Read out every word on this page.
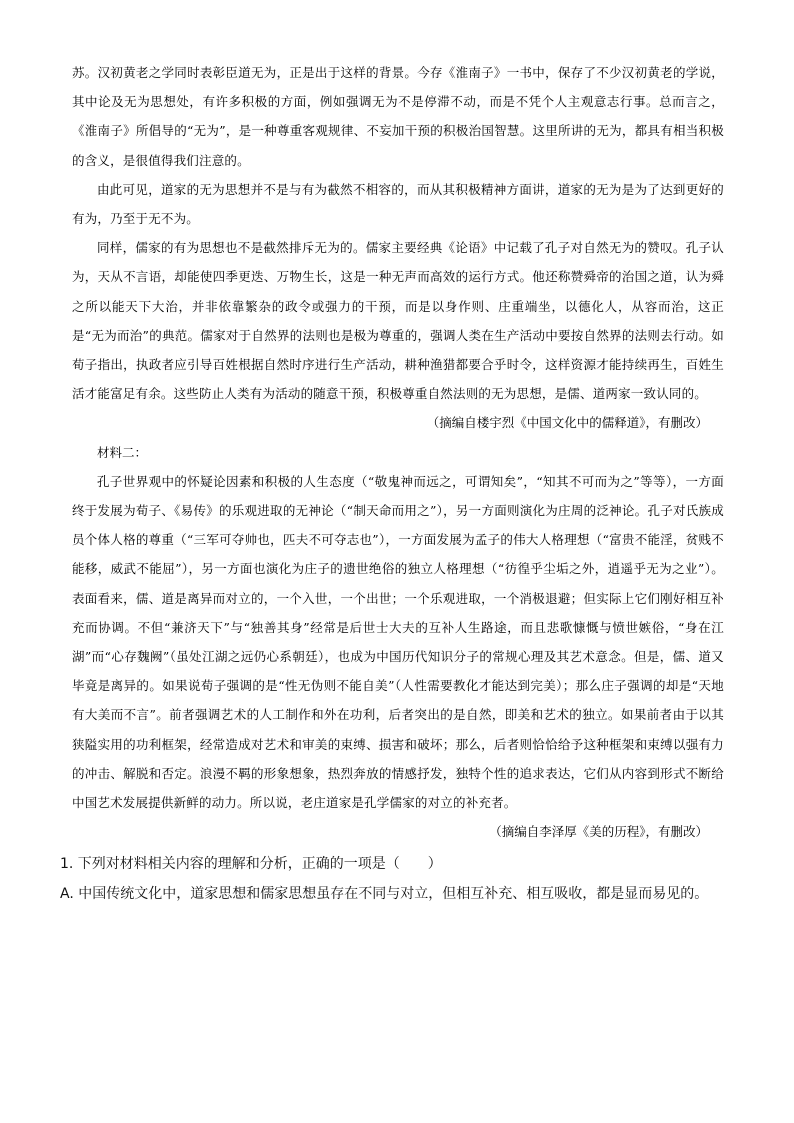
苏。汉初黄老之学同时表彰臣道无为，正是出于这样的背景。今存《淮南子》一书中，保存了不少汉初黄老的学说，其中论及无为思想处，有许多积极的方面，例如强调无为不是停滞不动，而是不凭个人主观意志行事。总而言之，《淮南子》所倡导的“无为”，是一种尊重客观规律、不妄加干预的积极治国智慧。这里所讲的无为，都具有相当积极的含义，是很值得我们注意的。

由此可见，道家的无为思想并不是与有为截然不相容的，而从其积极精神方面讲，道家的无为是为了达到更好的有为，乃至于无不为。

同样，儒家的有为思想也不是截然排斥无为的。儒家主要经典《论语》中记载了孔子对自然无为的赞叹。孔子认为，天从不言语，却能使四季更迭、万物生长，这是一种无声而高效的运行方式。他还称赞舜帝的治国之道，认为舜之所以能天下大治，并非依靠繁杂的政令或强力的干预，而是以身作则、庄重端坐，以德化人，从容而治，这正是“无为而治”的典范。儒家对于自然界的法则也是极为尊重的，强调人类在生产活动中要按自然界的法则去行动。如荀子指出，执政者应引导百姓根据自然时序进行生产活动，耕种渔猎都要合乎时令，这样资源才能持续再生，百姓生活才能富足有余。这些防止人类有为活动的随意干预，积极尊重自然法则的无为思想，是儒、道两家一致认同的。

（摘编自楼宇烈《中国文化中的儒释道》，有删改）

材料二：

孔子世界观中的怀疑论因素和积极的人生态度（“敬鬼神而远之，可谓知矣”，“知其不可而为之”等等），一方面终于发展为荀子、《易传》的乐观进取的无神论（“制天命而用之”），另一方面则演化为庄周的泛神论。孔子对氏族成员个体人格的尊重（“三军可夺帅也，匹夫不可夺志也”），一方面发展为孟子的伟大人格理想（“富贵不能淫，贫贱不能移，威武不能屈”），另一方面也演化为庄子的遗世绝俗的独立人格理想（“彷徨乎尘垢之外，逍遥乎无为之业”）。表面看来，儒、道是离异而对立的，一个入世，一个出世；一个乐观进取，一个消极退避；但实际上它们刚好相互补充而协调。不但“兼济天下”与“独善其身”经常是后世士大夫的互补人生路途，而且悲歌慷慨与愤世嫉俗，“身在江湖”而“心存魏阙”（虽处江湖之远仍心系朝廷），也成为中国历代知识分子的常规心理及其艺术意念。但是，儒、道又毕竟是离异的。如果说荀子强调的是“性无伪则不能自美”（人性需要教化才能达到完美）；那么庄子强调的却是“天地有大美而不言”。前者强调艺术的人工制作和外在功利，后者突出的是自然，即美和艺术的独立。如果前者由于以其狭隘实用的功利框架，经常造成对艺术和审美的束缚、损害和破坏；那么，后者则恰恰给予这种框架和束缚以强有力的冲击、解脱和否定。浪漫不羁的形象想象，热烈奔放的情感抒发，独特个性的追求表达，它们从内容到形式不断给中国艺术发展提供新鲜的动力。所以说，老庄道家是孔学儒家的对立的补充者。

（摘编自李泽厚《美的历程》，有删改）

1. 下列对材料相关内容的理解和分析，正确的一项是（　　）

A. 中国传统文化中，道家思想和儒家思想虽存在不同与对立，但相互补充、相互吸收，都是显而易见的。
